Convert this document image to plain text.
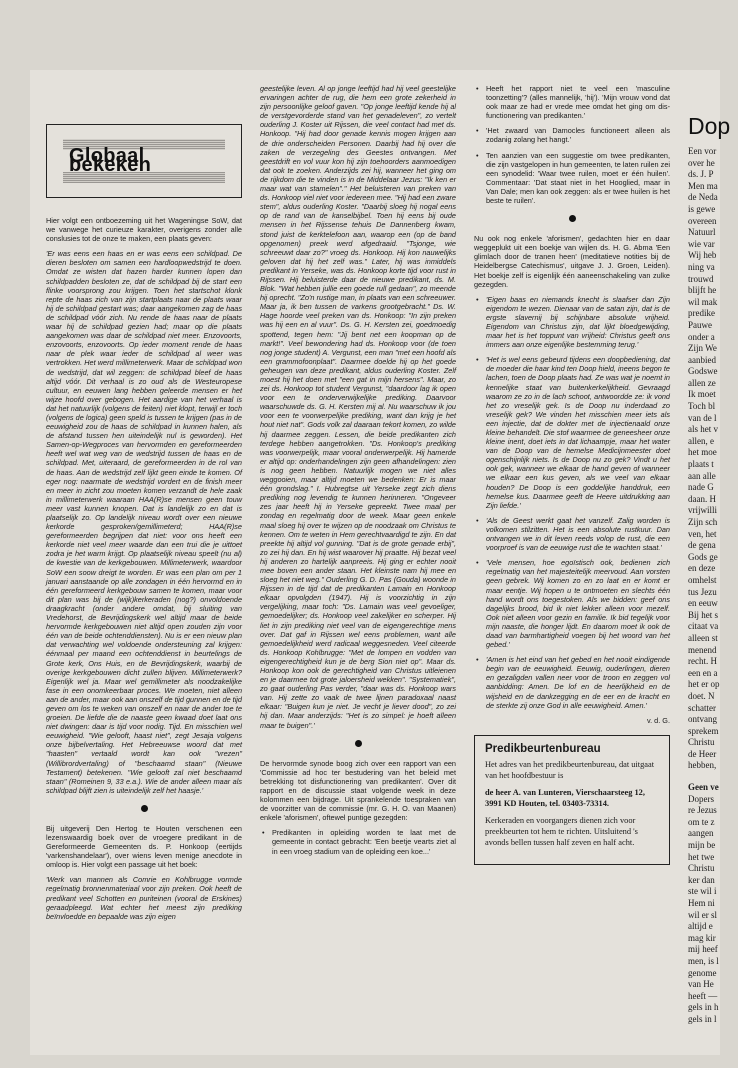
Globaal bekeken

Hier volgt een ontboezeming uit het Wageningse SoW, dat we vanwege het curieuze karakter, overigens zonder alle conslusies tot de onze te maken, een plaats geven:

'Er was eens een haas en er was eens een schildpad. De dieren besloten om samen een hardloopwedstrijd te doen. Omdat ze wisten dat hazen harder kunnen lopen dan schildpadden besloten ze, dat de schildpad bij de start een flinke voorsprong zou krijgen. Toen het startschot klonk repte de haas zich van zijn startplaats naar de plaats waar hij de schildpad gestart was; daar aangekomen zag de haas de schildpad vóór zich. Nu rende de haas naar de plaats waar hij de schildpad gezien had; maar op die plaats aangekomen was daar de schildpad niet meer. Enzovoorts, enzovoorts, enzovoorts. Op ieder moment rende de haas naar de plek waar ieder de schildpad al weer was vertrokken. Het werd millimeterwerk. Maar de schildpad won de wedstrijd, dat wil zeggen: de schildpad bleef de haas altijd vóór. Dit verhaal is zo oud als de Westeuropese cultuur, en eeuwen lang hebben geleerde mensen er het wijze hoofd over gebogen. Het aardige van het verhaal is dat het natuurlijk (volgens de feiten) niet klopt, terwijl er toch (volgens de logica) geen speld is tussen te krijgen (pas in de eeuwigheid zou de haas de schildpad in kunnen halen, als de afstand tussen hen uiteindelijk nul is geworden). Het Samen-op-Wegproces van hervormden en gereformeerden heeft wel wat weg van de wedstrijd tussen de haas en de schildpad. Met, uiteraard, de gereformeerden in de rol van de haas. Aan de wedstrijd zelf lijkt geen einde te komen. Of eger nog: naarmate de wedstrijd vordert en de finish meer en meer in zicht zou moeten komen verzandt de hele zaak in millimeterwerk waaraan HAA(R)se mensen geen touw meer vast kunnen knopen. Dat is landelijk zo en dat is plaatselijk zo. Op landelijk niveau wordt over een nieuwe kerkorde gesproken/gemillimeterd; HAA(R)se gereformeerden begrijpen dat niet: voor ons heeft een kerkorde niet veel meer waarde dan een trui die je uittoet zodra je het warm krijgt. Op plaatselijk niveau speelt (nu al) de kwestie van de kerkgebouwen. Millimeterwerk, waardoor SoW een soow dreigt te worden. Er was een plan om per 1 januari aanstaande op alle zondagen in één hervormd en in één gereformeerd kerkgebouw samen te komen, maar voor dit plan was bij de (wijk)kerkeraden (nog?) onvoldoende draagkracht (onder andere omdat, bij sluiting van Vredehorst, de Bevrijdingskerk wel altijd maar de beide hervormde kerkgebouwen niet altijd open zouden zijn voor één van de beide ochtenddiensten). Nu is er een nieuw plan dat verwachting wel voldoende ondersteuning zal krijgen: éénmaal per maand een ochtenddienst in beurtelings de Grote kerk, Ons Huis, en de Bevrijdingskerk, waarbij de overige kerkgebouwen dicht zullen blijven. Millimeterwerk? Eigenlijk wel ja. Maar wel gemillimeter als noodzakelijke fase in een onomkeerbaar proces. We moeten, niet alleen aan de ander, maar ook aan onszelf de tijd gunnen en de tijd geven om los te weken van onszelf en naar de ander toe te groeien. De liefde die de naaste geen kwaad doet laat ons niet dwingen: daar is tijd voor nodig. Tijd. En misschien wel eeuwigheid. "Wie gelooft, haast niet", zegt Jesaja volgens onze bijbelvertaling. Het Hebreeuwse woord dat met "haasten" vertaald wordt kan ook "vrezen" (Willibrordvertaling) of "beschaamd staan" (Nieuwe Testament) betekenen. "Wie gelooft zal niet beschaamd staan" (Romeinen 9, 33 e.a.). Wie de ander alleen maar als schildpad blijft zien is uiteindelijk zelf het haasje.'

Bij uitgeverij Den Hertog te Houten verschenen een lezenswaardig boek over de vroegere predikant in de Gereformeerde Gemeenten ds. P. Honkoop (eertijds 'varkenshandelaar'), over wiens leven menige anecdote in omloop is. Hier volgt een passage uit het boek:

'Werk van mannen als Comrie en Kohlbrugge vormde regelmatig bronnenmateriaal voor zijn preken. Ook heeft de predikant veel Schotten en puriteinen (vooral de Erskines) geraadpleegd. Wat echter het meest zijn prediking beïnvloedde en bepaalde was zijn eigen

geestelijke leven. Al op jonge leeftijd had hij veel geestelijke ervaringen achter de rug, die hem een grote zekerheid in zijn persoonlijke geloof gaven. "Op jonge leeftijd kende hij al de verstgevorderde stand van het genadeleven", zo vertelt ouderling J. Koster uit Rijssen, die veel contact had met ds. Honkoop. "Hij had door genade kennis mogen krijgen aan de drie onderscheiden Personen. Daarbij had hij over die zaken de verzegeling des Geestes ontvangen. Met geestdrift en vol vuur kon hij zijn toehoorders aanmoedigen dat ook te zoeken. Anderzijds zei hij, wanneer het ging om de rijkdom die te vinden is in de Middelaar Jezus: "Ik ken er maar wat van stamelen"." Het beluisteren van preken van ds. Honkoop viel niet voor iedereen mee. "Hij had een zware stem", aldus ouderling Koster. "Daarbij sloeg hij nogal eens op de rand van de kanselbijbel. Toen hij eens bij oude mensen in het Rijssense tehuis De Dannenberg kwam, stond juist de kerktelefoon aan, waarop een (op de band opgenomen) preek werd afgedraaid. "Tsjonge, wie schreeuwt daar zo?" vroeg ds. Honkoop. Hij kon nauwelijks geloven dat hij het zelf was." Later, hij was inmiddels predikant in Yerseke, was ds. Honkoop korte tijd voor rust in Rijssen. Hij beluisterde daar de nieuwe predikant, ds. M. Blok. "Wat hebben jullie een goede rull gedaan", zo meende hij oprecht. "Zo'n rustige man, in plaats van een schreeuwer. Maar ja, ik ben tussen de varkens grootgebracht." Ds. W. Hage hoorde veel preken van ds. Honkoop: "In zijn preken was hij een en al vuur". Ds. G. H. Kersten zei, goedmoedig spottend, tegen hem: "Jij bent net een koopman op de markt!". Veel bewondering had ds. Honkoop voor (de toen nog jonge student) A. Vergunst, een man "met een hoofd als een grammofoonplaat". Daarmee doelde hij op het goede geheugen van deze predikant, aldus ouderling Koster. Zelf moest hij het doen met "een gat in mijn hersens". Maar, zo zei ds. Honkoop tot student Vergunst, "daardoor lag ik open voor een te onderverwijkelijke prediking. Daarvoor waarschuwde ds. G. H. Kersten mij al. Nu waarschuw ik jou voor een te voorwerpelijke prediking, want dan krijg je het hout niet nat". Gods volk zal daaraan tekort komen, zo wilde hij daarmee zeggen. Lessen, die beide predikanten zich terdege hebben aangetrokken. "Ds. Honkoop's prediking was voorwerpelijk, maar vooral onderwerpelijk. Hij hamerde er altijd op: onderhandelingen zijn geen afhandelingen: zien is nog geen hebben. Natuurlijk mogen we niet alles weggooien, maar altijd moeten we bedenken: Er is maar één grondslag." I. Hubregtse uit Yerseke zegt zich diens prediking nog levendig te kunnen herinneren. "Ongeveer zes jaar heeft hij in Yerseke gepreekt. Twee maal per zondag en regelmatig door de week. Maar geen enkele maal sloeg hij over te wijzen op de noodzaak om Christus te kennen. Om te weten in Hem gerechtvaardigd te zijn. En dat preekte hij altijd vol gunning. "Dat is de grote genade erbij", zo zei hij dan. En hij wist waarover hij praatte. Hij bezat veel hij anderen zo hartelijk aanpreeis. Hij ging er echter nooit mee boven een ander staan. Het kleinste nam hij mee en sloeg het niet weg." Ouderling G. D. Pas (Gouda) woonde in Rijssen in de tijd dat de predikanten Lamain en Honkoop elkaar opvolgden (1947). Hij is voorzichtig in zijn vergelijking, maar toch: "Ds. Lamain was veel gevoeliger, gemoedelijker; ds. Honkoop veel zakelijker en scherper. Hij liet in zijn prediking niet veel van de eigengerechtige mens over. Dat gaf in Rijssen wel eens problemen, want alle gemoedelijkheid werd radicaal weggesneden. Veel citeerde ds. Honkoop Kohlbrugge: "Met de lompen en vodden van eigengerechtigheid kun je de berg Sion niet op". Maar ds. Honkoop kon ook de gerechtigheid van Christus uitleienen en je daarmee tot grote jaloersheid wekken". "Systematiek", zo gaat ouderling Pas verder, "daar was ds. Honkoop wars van. Hij zette zo vaak de twee lijnen paradoxaal naast elkaar: "Buigen kun je niet. Je vecht je liever dood", zo zei hij dan. Maar anderzijds: "Het is zo simpel: je hoeft alleen maar te buigen".'

De hervormde synode boog zich over een rapport van een 'Commissie ad hoc ter bestudering van het beleid met betrekking tot disfunctionering van predikanten'. Over dit rapport en de discussie staat volgende week in deze kolommen een bijdrage. Uit sprankelende toespraken van de voorzitter van de commissie (mr. G. H. O. van Maanen) enkele 'aforismen', oftewel puntige gezegden:

• Predikanten in opleiding worden te laat met de gemeente in contact gebracht: 'Een beetje vearts ziet al in een vroeg stadium van de opleiding een koe...'
• Heeft het rapport niet te veel een 'masculine toonzetting'? (alles mannelijk, 'hij'). 'Mijn vrouw vond dat ook maar ze had er vrede mee omdat het ging om dis-functionering van predikanten.'
• 'Het zwaard van Damocles functioneert alleen als zodanig zolang het hangt.'
• Ten aanzien van een suggestie om twee predikanten, die zijn vastgelopen in hun gemeenten, te laten ruilen zei een synodelid: 'Waar twee ruilen, moet er één huilen'. Commentaar: 'Dat staat niet in het Hooglied, maar in Van Dale; men kan ook zeggen: als er twee huilen is het beste te ruilen'.

Nu ook nog enkele 'aforismen', gedachten hier en daar weggeplukt uit een boekje van wijlen ds. H. G. Abma 'Een glimlach door de tranen heen' (meditatieve notities bij de Heidelbergse Catechismus', uitgave J. J. Groen, Leiden). Het boekje zelf is eigenlijk één aaneenschakeling van zulke gezegden.

• 'Eigen baas en niemands knecht is slaafser dan Zijn eigendom te wezen. Dienaar van de satan zijn, dat is de ergste slavernij bij schijnbare absolute vrijheid. Eigendom van Christus zijn, dat lijkt bloedgewijding, maar het is het toppunt van vrijheid: Christus geeft ons immers aan onze eigenlijke bestemming terug.'
• 'Het is wel eens gebeurd tijdens een doopbediening, dat de moeder die haar kind ten Doop hield, ineens begon te lachen, toen de Doop plaats had. Ze was wat je noemt in kennelijke staat van buitenkerkelijkheid. Gevraagd waarom ze zo in de lach schoot, antwoordde ze: ik vond het zo vreselijk gek. Is de Doop nu inderdaad zo vreselijk gek? We vinden het misschien meer iets als een injectie, dat de dokter met de injectienaald onze kleine behandelt. Die stof waarmee de geneesheer onze kleine inent, doet iets in dat lichaampje, maar het water van de Doop van de hemelse Medicijnmeester doet ogenschijnlijk niets. Is de Doop nu zo gek? Vindt u het ook gek, wanneer we elkaar de hand geven of wanneer we elkaar een kus geven, als we veel van elkaar houden? De Doop is een goddelijke handdruk, een hemelse kus. Daarmee geeft de Heere uitdrukking aan Zijn liefde.'
• 'Als de Geest werkt gaat het vanzelf. Zalig worden is volkomen stilzitten. Het is een absolute rustkuur. Dan ontvangen we in dit leven reeds volop de rust, die een voorproef is van de eeuwige rust die te wachten staat.'
• 'Vele mensen, hoe egoïstisch ook, bedienen zich regelmatig van het majesteitelijk meervoud. Aan vorsten geen gebrek. Wij komen zo en zo laat en er komt er maar eentje. Wij hopen u te ontmoeten en slechts één hand wordt ons toegestoken. Als we bidden: geef ons dagelijks brood, bid ik niet lekker alleen voor mezelf. Ook niet alleen voor gezin en familie. Ik bid tegelijk voor mijn naaste, die honger lijdt. En daarom moet ik ook de daad van barmhartigheid voegen bij het woord van het gebed.'
• 'Amen is het eind van het gebed en het nooit eindigende begin van de eeuwigheid. Eeuwig, ouderlingen, dieren en gezaligden vallen neer voor de troon en zeggen vol aanbidding: Amen. De lof en de heerlijkheid en de wijsheid en de dankzegging en de eer en de kracht en de sterkte zij onze God in alle eeuwigheid. Amen.'
v. d. G.
Predikbeurtenbureau

Het adres van het predikbeurtenbureau, dat uitgaat van het hoofdbestuur is

de heer A. van Lunteren, Vierschaarsteeg 12, 3991 KD Houten, tel. 03403-73314.

Kerkeraden en voorgangers dienen zich voor preekbeurten tot hem te richten. Uitsluitend 's avonds bellen tussen half zeven en half acht.

Dop
Een vor
over he
ds. J. P
Men ma
de Neda
is gewe
overeen
Natuurl
wie var
Wij heb
ning va
trouwd
blijft he
wil mak
predike
Pauwe
onder a
Zijn We
aanbied
Godswe
allen ze
Ik moet
Toch bl
van de l
als het v
allen, e
het moe
plaats t
aan alle
nade G
daan. H
vrijwilli
Zijn sch
ven, het
de gena
Gods ge
en deze
omhelst
tus Jezu
en eeuw
Bij het s
citaat va
alleen st
menend
recht. H
een en a
het er op
doet. N
schatter
ontvang
sprekem
Christu
de Heer
hebben,
Geen ve
Dopers
re Jezus
om te z
aangen
mijn be
het twe
Christu
ker dan
ste wil i
Hem ni
wil er sl
altijd e
mag kir
mij heef
men, is l
genome
van He
heeft —
gels in h
gels in l
